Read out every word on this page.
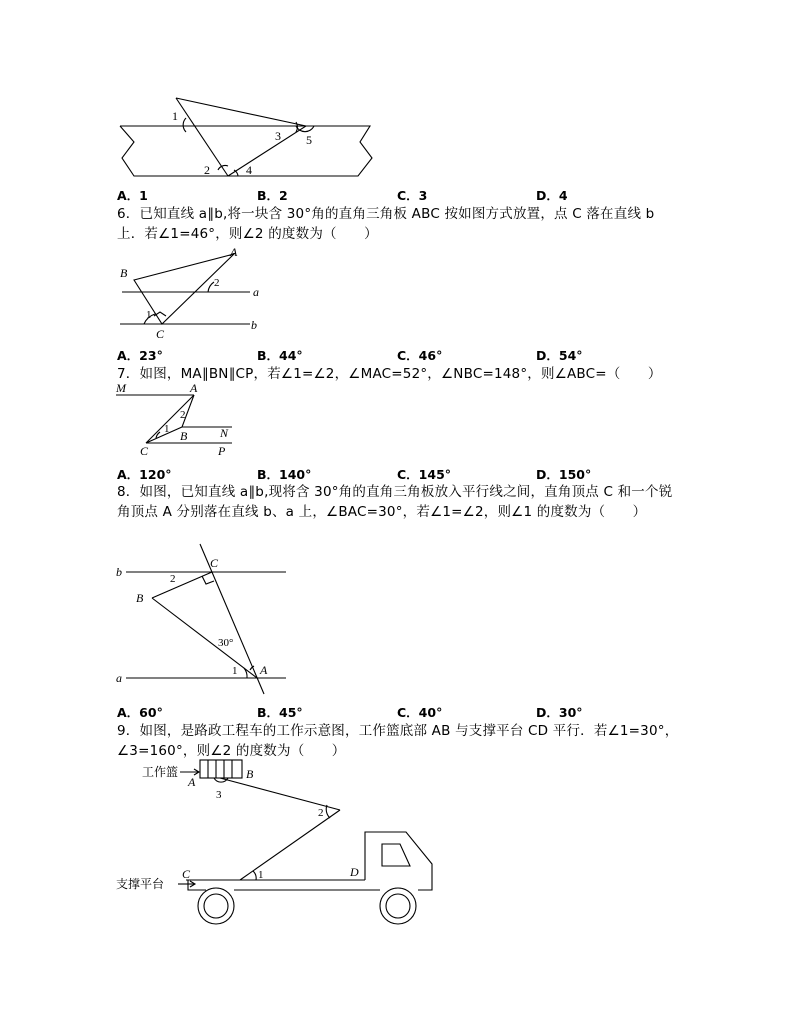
1
2
3
4
5
A．1	B．2	C．3	D．4
6．已知直线 a∥b,将一块含 30°角的直角三角板 ABC 按如图方式放置，点 C 落在直线 b 上．若∠1=46°，则∠2 的度数为（　　）
A
B
C
1
2
a
b
A．23°	B．44°	C．46°	D．54°
7．如图，MA∥BN∥CP，若∠1=∠2，∠MAC=52°，∠NBC=148°，则∠ABC=（　　）
M	A
2
1 B	N
C	P
A．120°	B．140°	C．145°	D．150°
8．如图，已知直线 a∥b,现将含 30°角的直角三角板放入平行线之间，直角顶点 C 和一个锐角顶点 A 分别落在直线 b、a 上，∠BAC=30°，若∠1=∠2，则∠1 的度数为（　　）
b
C
2
B
30°
1 A
a
A．60°	B．45°	C．40°	D．30°
9．如图，是路政工程车的工作示意图，工作篮底部 AB 与支撑平台 CD 平行．若∠1=30°，∠3=160°，则∠2 的度数为（　　）
工作篮
A
B
3
2
C	D
1
支撑平台
